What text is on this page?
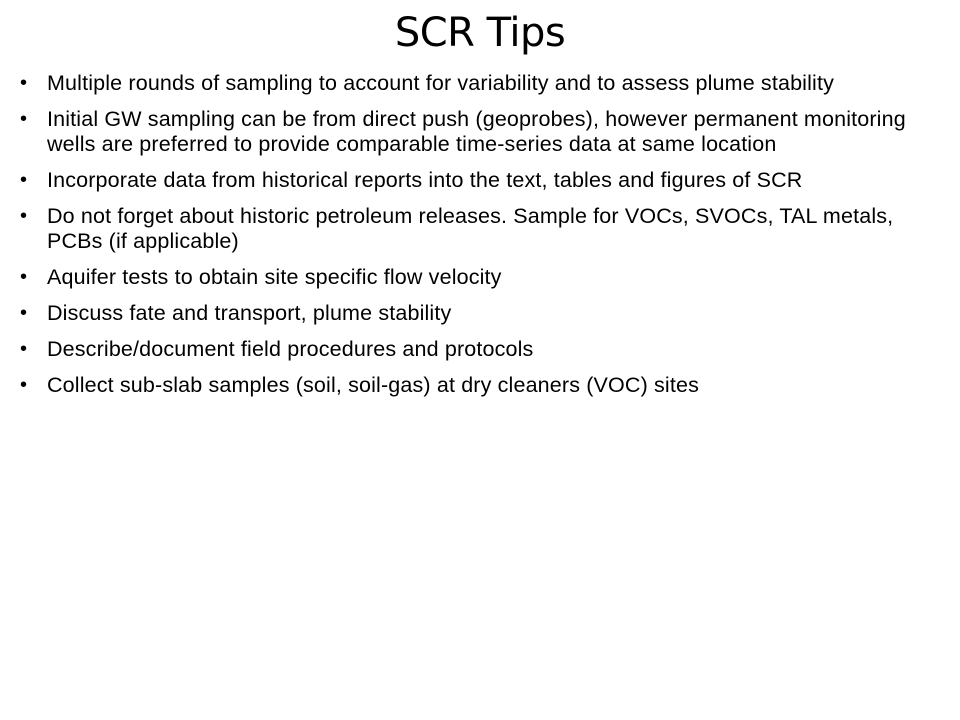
SCR Tips
• Multiple rounds of sampling to account for variability and to assess plume stability
• Initial GW sampling can be from direct push (geoprobes), however permanent monitoring wells are preferred to provide comparable time-series data at same location
• Incorporate data from historical reports into the text, tables and figures of SCR
• Do not forget about historic petroleum releases. Sample for VOCs, SVOCs, TAL metals, PCBs (if applicable)
• Aquifer tests to obtain site specific flow velocity
• Discuss fate and transport, plume stability
• Describe/document field procedures and protocols
• Collect sub-slab samples (soil, soil-gas) at dry cleaners (VOC) sites
